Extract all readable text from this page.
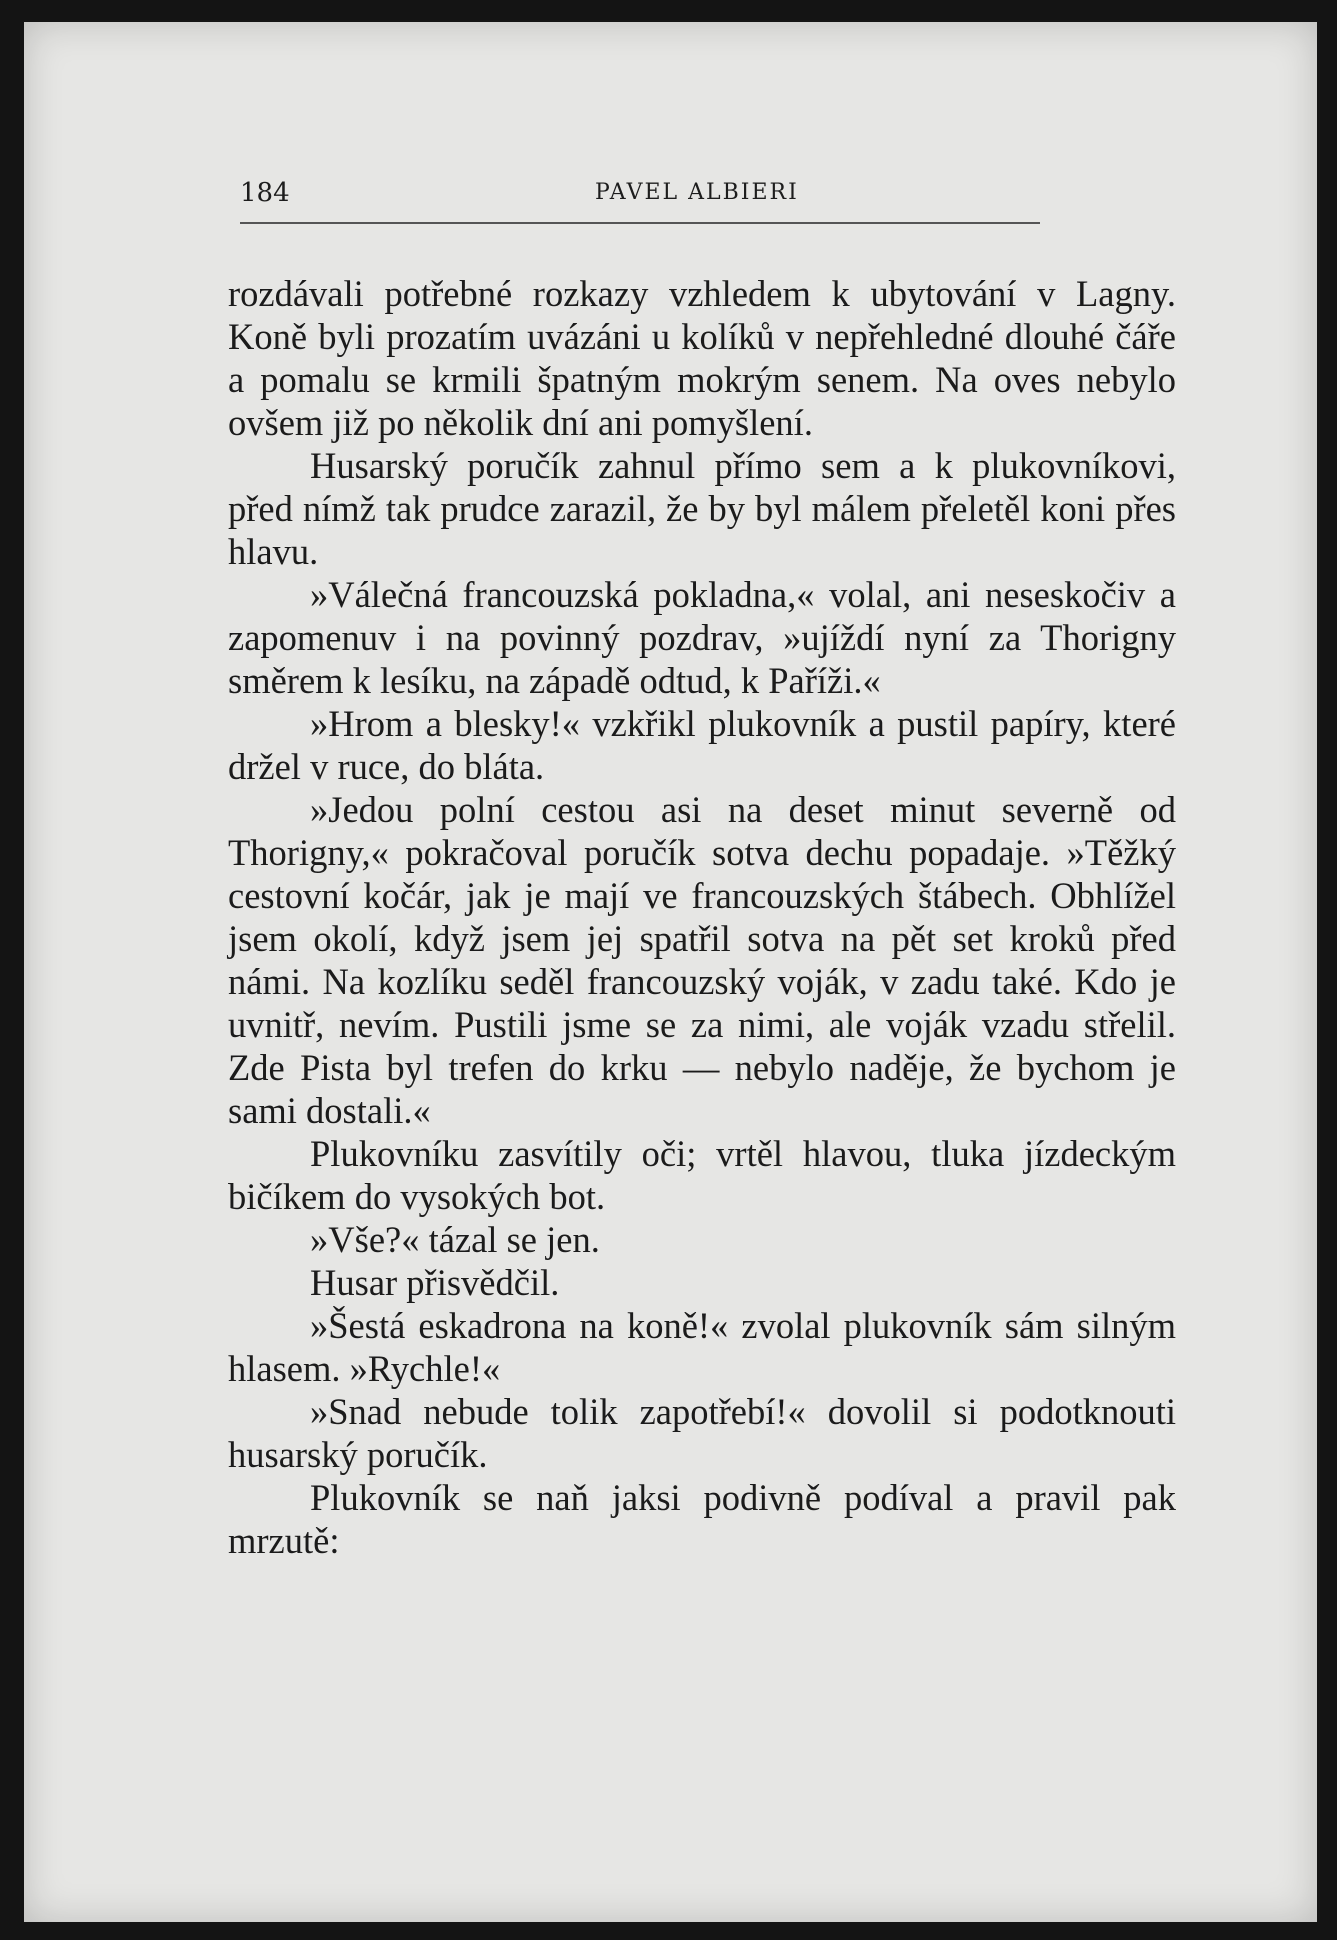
184	PAVEL ALBIERI

rozdávali potřebné rozkazy vzhledem k ubytování v Lagny. Koně byli prozatím uvázáni u kolíků v nepřehledné dlouhé čáře a pomalu se krmili špatným mokrým senem. Na oves nebylo ovšem již po několik dní ani pomyšlení.

Husarský poručík zahnul přímo sem a k plukovníkovi, před nímž tak prudce zarazil, že by byl málem přeletěl koni přes hlavu.

»Válečná francouzská pokladna,« volal, ani neseskočiv a zapomenuv i na povinný pozdrav, »ujíždí nyní za Thorigny směrem k lesíku, na západě odtud, k Paříži.«

»Hrom a blesky!« vzkřikl plukovník a pustil papíry, které držel v ruce, do bláta.

»Jedou polní cestou asi na deset minut severně od Thorigny,« pokračoval poručík sotva dechu popadaje. »Těžký cestovní kočár, jak je mají ve francouzských štábech. Obhlížel jsem okolí, když jsem jej spatřil sotva na pět set kroků před námi. Na kozlíku seděl francouzský voják, v zadu také. Kdo je uvnitř, nevím. Pustili jsme se za nimi, ale voják vzadu střelil. Zde Pista byl trefen do krku — nebylo naděje, že bychom je sami dostali.«

Plukovníku zasvítily oči; vrtěl hlavou, tluka jízdeckým bičíkem do vysokých bot.

»Vše?« tázal se jen.

Husar přisvědčil.

»Šestá eskadrona na koně!« zvolal plukovník sám silným hlasem. »Rychle!«

»Snad nebude tolik zapotřebí!« dovolil si podotknouti husarský poručík.

Plukovník se naň jaksi podivně podíval a pravil pak mrzutě:
